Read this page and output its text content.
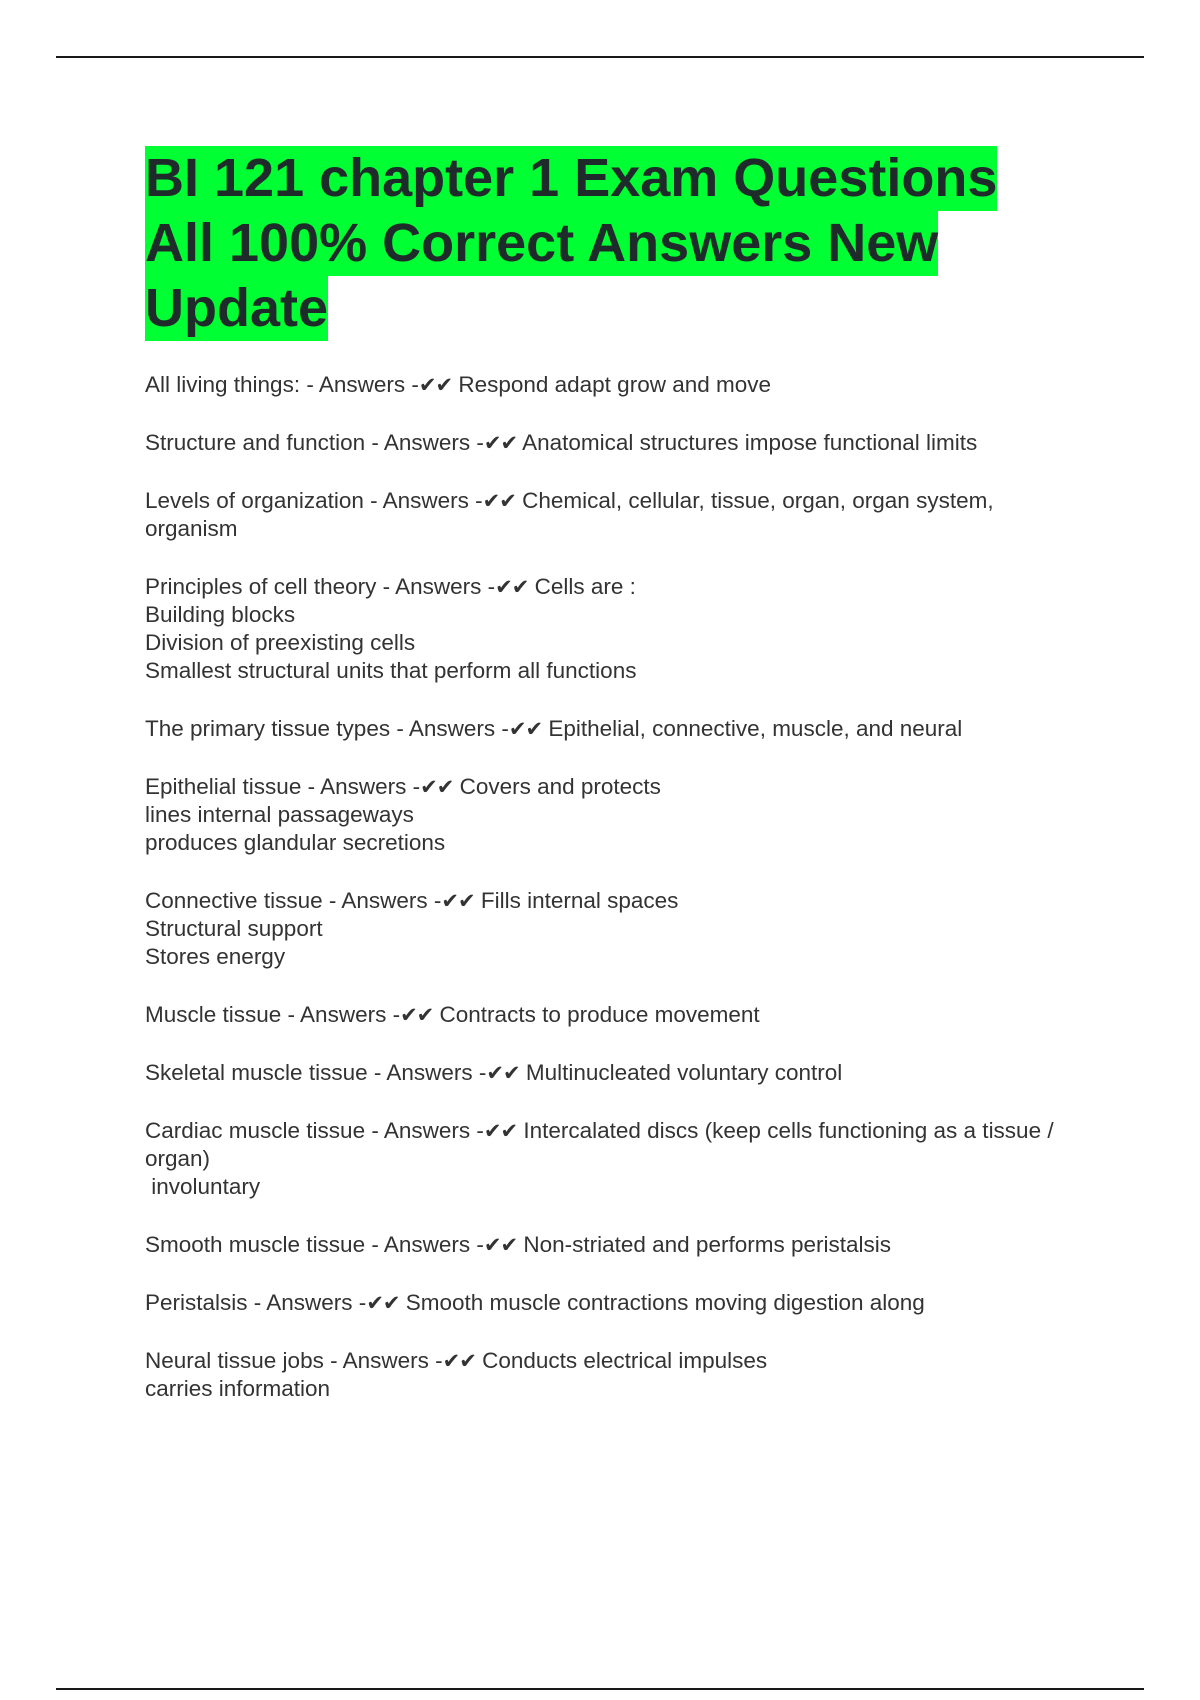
BI 121 chapter 1 Exam Questions
All 100% Correct Answers New
Update
All living things: - Answers -✔✔ Respond adapt grow and move
Structure and function - Answers -✔✔ Anatomical structures impose functional limits
Levels of organization - Answers -✔✔ Chemical, cellular, tissue, organ, organ system, organism
Principles of cell theory - Answers -✔✔ Cells are :
Building blocks
Division of preexisting cells
Smallest structural units that perform all functions
The primary tissue types - Answers -✔✔ Epithelial, connective, muscle, and neural
Epithelial tissue - Answers -✔✔ Covers and protects
lines internal passageways
produces glandular secretions
Connective tissue - Answers -✔✔ Fills internal spaces
Structural support
Stores energy
Muscle tissue - Answers -✔✔ Contracts to produce movement
Skeletal muscle tissue - Answers -✔✔ Multinucleated voluntary control
Cardiac muscle tissue - Answers -✔✔ Intercalated discs (keep cells functioning as a tissue / organ)
involuntary
Smooth muscle tissue - Answers -✔✔ Non-striated and performs peristalsis
Peristalsis - Answers -✔✔ Smooth muscle contractions moving digestion along
Neural tissue jobs - Answers -✔✔ Conducts electrical impulses
carries information
